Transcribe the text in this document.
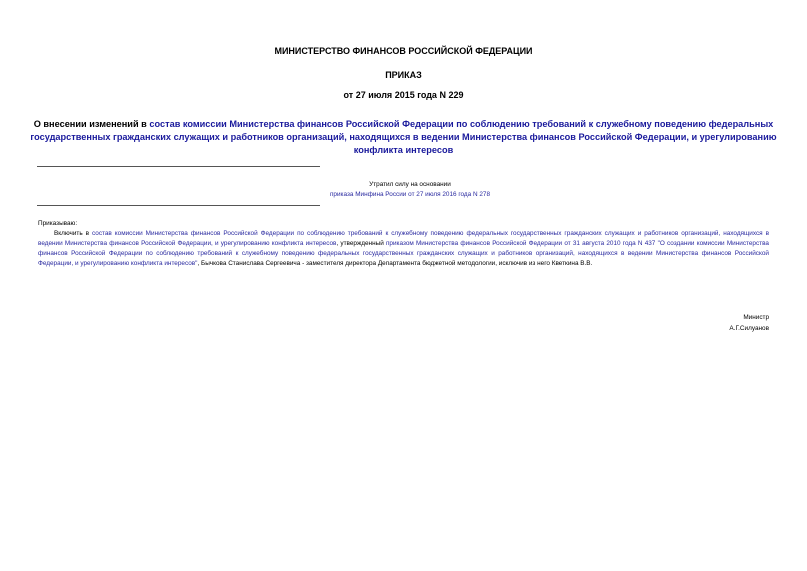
МИНИСТЕРСТВО ФИНАНСОВ РОССИЙСКОЙ ФЕДЕРАЦИИ
ПРИКАЗ
от 27 июля 2015 года N 229
О внесении изменений в состав комиссии Министерства финансов Российской Федерации по соблюдению требований к служебному поведению федеральных государственных гражданских служащих и работников организаций, находящихся в ведении Министерства финансов Российской Федерации, и урегулированию конфликта интересов
Утратил силу на основании
приказа Минфина России от 27 июля 2016 года N 278
Приказываю:
Включить в состав комиссии Министерства финансов Российской Федерации по соблюдению требований к служебному поведению федеральных государственных гражданских служащих и работников организаций, находящихся в ведении Министерства финансов Российской Федерации, и урегулированию конфликта интересов, утвержденный приказом Министерства финансов Российской Федерации от 31 августа 2010 года N 437 "О создании комиссии Министерства финансов Российской Федерации по соблюдению требований к служебному поведению федеральных государственных гражданских служащих и работников организаций, находящихся в ведении Министерства финансов Российской Федерации, и урегулированию конфликта интересов", Бычкова Станислава Сергеевича - заместителя директора Департамента бюджетной методологии, исключив из него Кветкина В.В.
Министр
А.Г.Силуанов
